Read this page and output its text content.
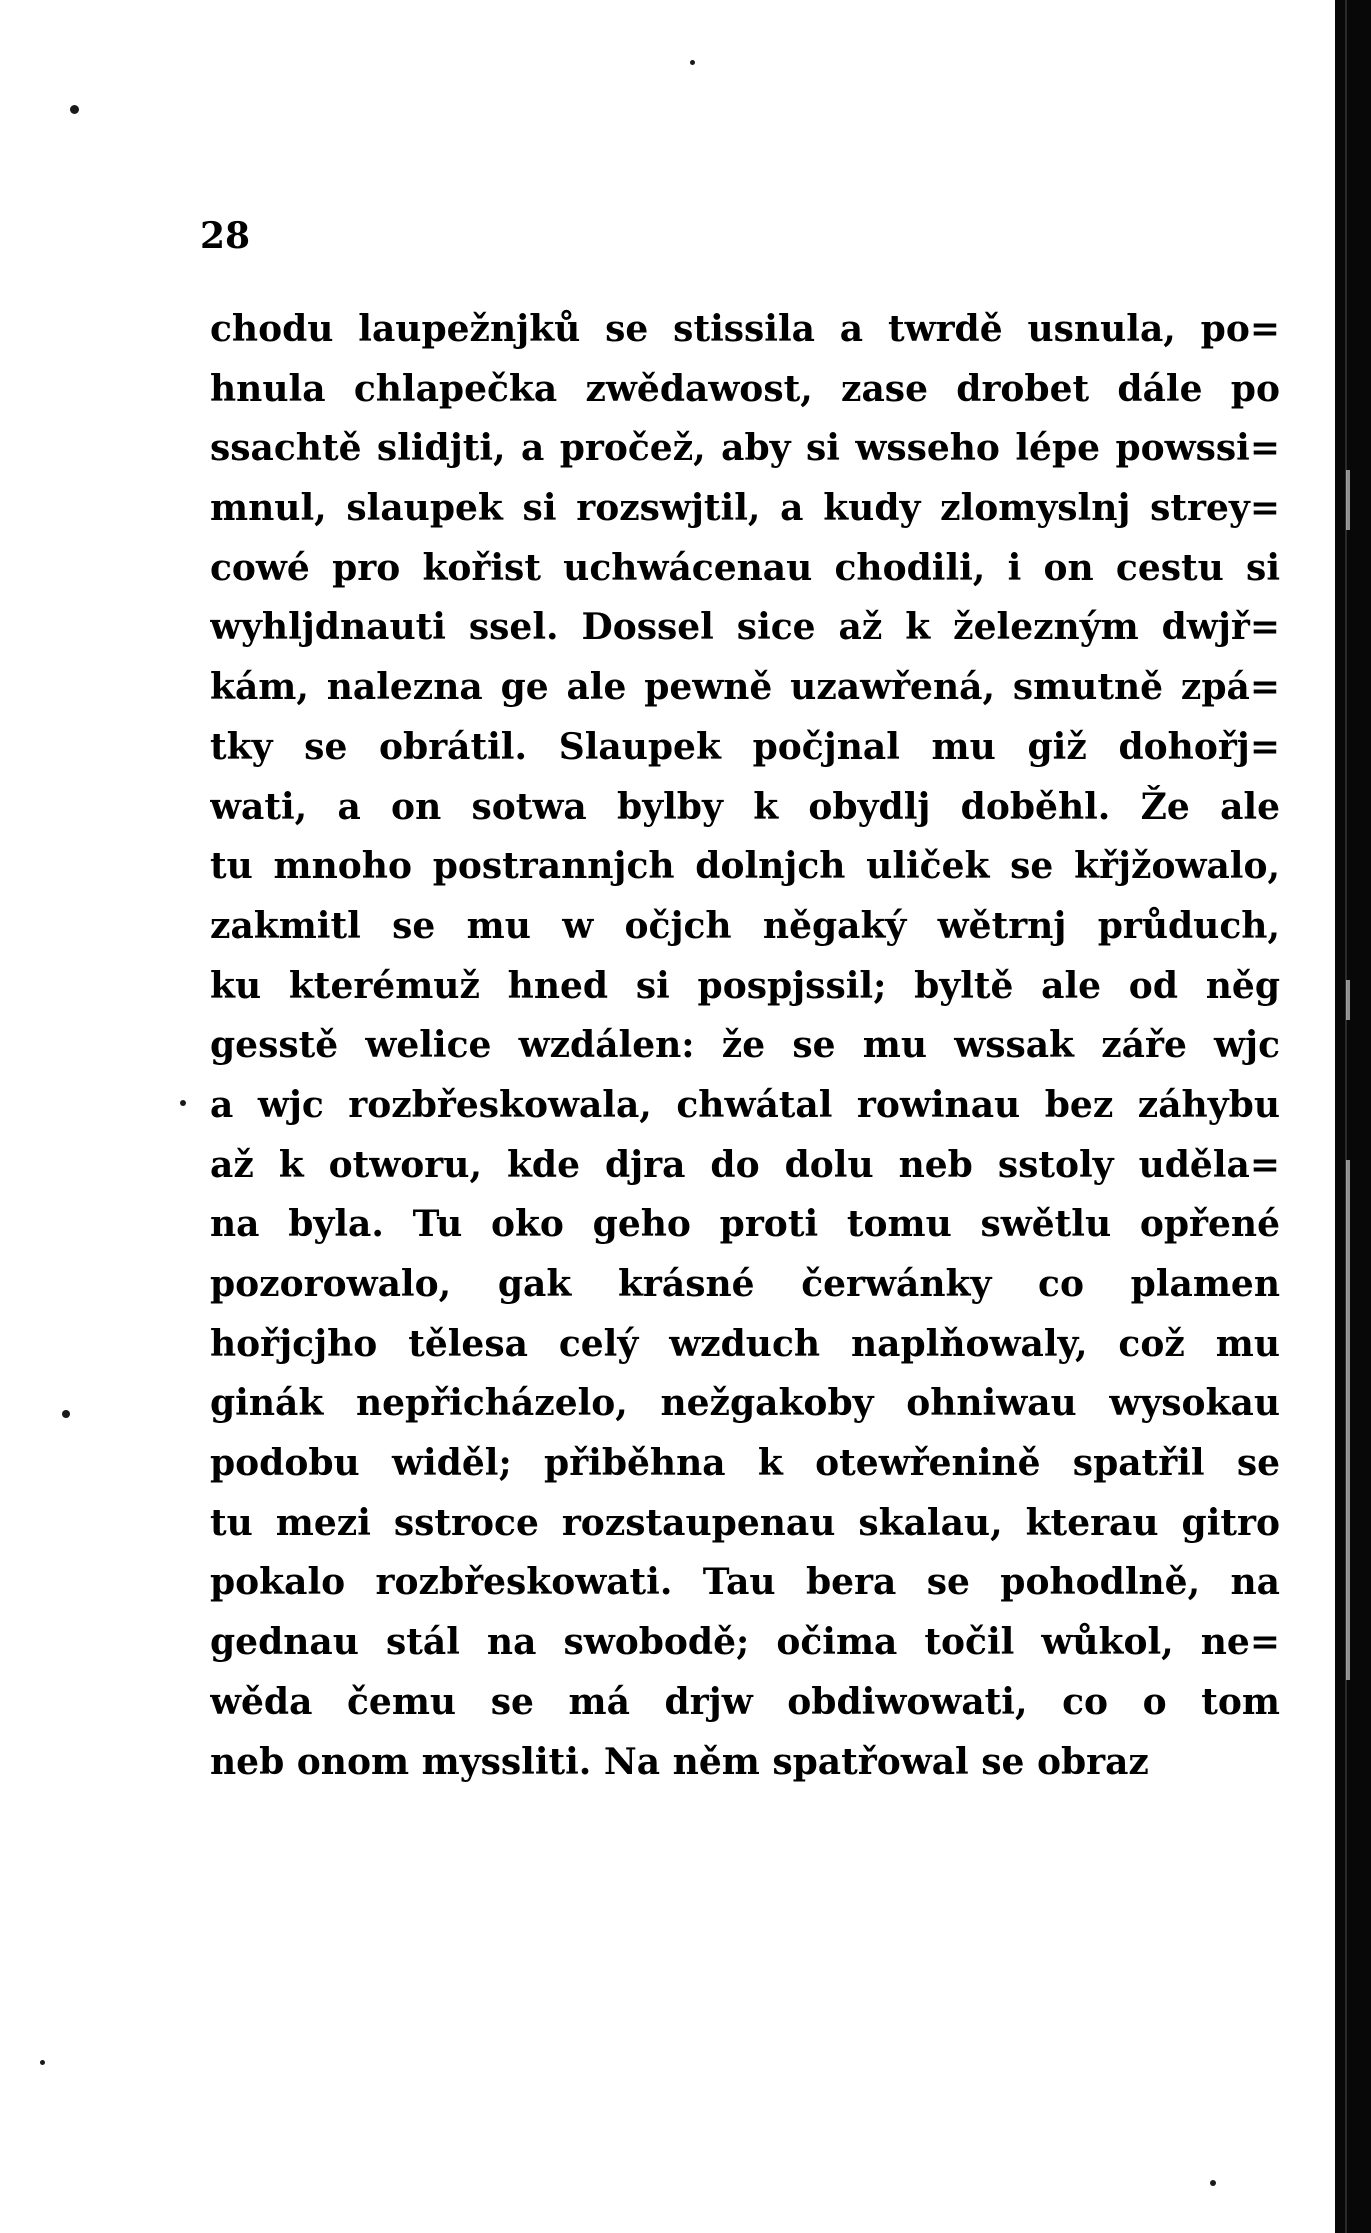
28
chodu laupežnjků se stissila a twrdě usnula, po=
hnula chlapečka zwědawost, zase drobet dále po
ssachtě slidjti, a pročež, aby si wsseho lépe powssi=
mnul, slaupek si rozswjtil, a kudy zlomyslnj strey=
cowé pro kořist uchwácenau chodili, i on cestu si
wyhljdnauti ssel. Dossel sice až k železným dwjř=
kám, nalezna ge ale pewně uzawřená, smutně zpá=
tky se obrátil. Slaupek počjnal mu giž dohořj=
wati, a on sotwa bylby k obydlj doběhl. Že ale
tu mnoho postrannjch dolnjch uliček se křjžowalo,
zakmitl se mu w očjch něgaký wětrnj průduch,
ku kterémuž hned si pospjssil; byltě ale od něg
gesstě welice wzdálen: že se mu wssak záře wjc
a wjc rozbřeskowala, chwátal rowinau bez záhybu
až k otworu, kde djra do dolu neb sstoly uděla=
na byla. Tu oko geho proti tomu swětlu opřené
pozorowalo, gak krásné čerwánky co plamen
hořjcjho tělesa celý wzduch naplňowaly, což mu
ginák nepřicházelo, nežgakoby ohniwau wysokau
podobu widěl; přiběhna k otewřenině spatřil se
tu mezi sstroce rozstaupenau skalau, kterau gitro
pokalo rozbřeskowati. Tau bera se pohodlně, na
gednau stál na swobodě; očima točil wůkol, ne=
wěda čemu se má drjw obdiwowati, co o tom
neb onom myssliti. Na něm spatřowal se obraz
